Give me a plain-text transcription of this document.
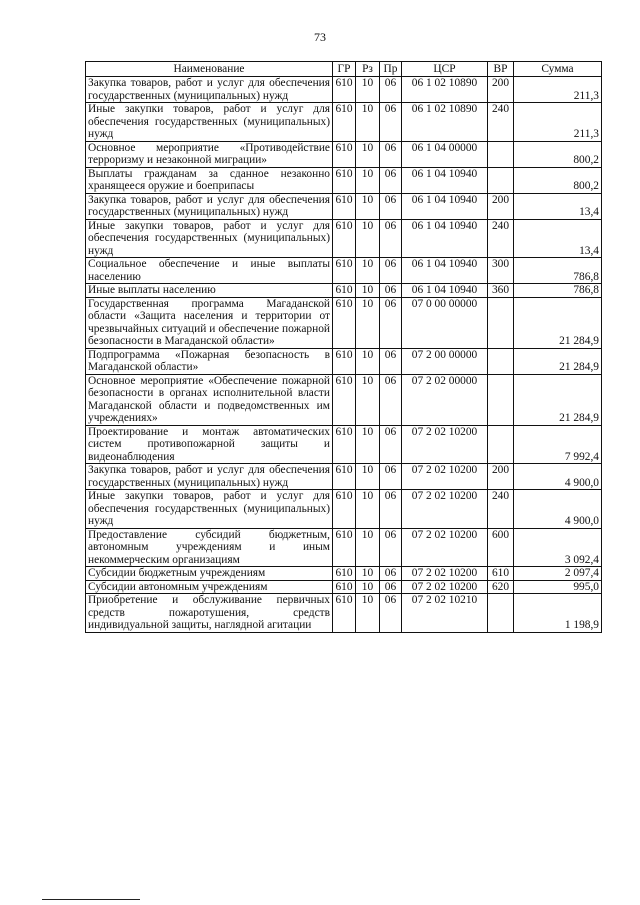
73
Наименование	ГР	Рз	Пр	ЦСР	ВР	Сумма
Закупка товаров, работ и услуг для обеспечения государственных (муниципальных) нужд	610	10	06	06 1 02 10890	200	211,3
Иные закупки товаров, работ и услуг для обеспечения государственных (муниципальных) нужд	610	10	06	06 1 02 10890	240	211,3
Основное мероприятие «Противодействие терроризму и незаконной миграции»	610	10	06	06 1 04 00000		800,2
Выплаты гражданам за сданное незаконно хранящееся оружие и боеприпасы	610	10	06	06 1 04 10940		800,2
Закупка товаров, работ и услуг для обеспечения государственных (муниципальных) нужд	610	10	06	06 1 04 10940	200	13,4
Иные закупки товаров, работ и услуг для обеспечения государственных (муниципальных) нужд	610	10	06	06 1 04 10940	240	13,4
Социальное обеспечение и иные выплаты населению	610	10	06	06 1 04 10940	300	786,8
Иные выплаты населению	610	10	06	06 1 04 10940	360	786,8
Государственная программа Магаданской области «Защита населения и территории от чрезвычайных ситуаций и обеспечение пожарной безопасности в Магаданской области»	610	10	06	07 0 00 00000		21 284,9
Подпрограмма «Пожарная безопасность в Магаданской области»	610	10	06	07 2 00 00000		21 284,9
Основное мероприятие «Обеспечение пожарной безопасности в органах исполнительной власти Магаданской области и подведомственных им учреждениях»	610	10	06	07 2 02 00000		21 284,9
Проектирование и монтаж автоматических систем противопожарной защиты и видеонаблюдения	610	10	06	07 2 02 10200		7 992,4
Закупка товаров, работ и услуг для обеспечения государственных (муниципальных) нужд	610	10	06	07 2 02 10200	200	4 900,0
Иные закупки товаров, работ и услуг для обеспечения государственных (муниципальных) нужд	610	10	06	07 2 02 10200	240	4 900,0
Предоставление субсидий бюджетным, автономным учреждениям и иным некоммерческим организациям	610	10	06	07 2 02 10200	600	3 092,4
Субсидии бюджетным учреждениям	610	10	06	07 2 02 10200	610	2 097,4
Субсидии автономным учреждениям	610	10	06	07 2 02 10200	620	995,0
Приобретение и обслуживание первичных средств пожаротушения, средств индивидуальной защиты, наглядной агитации	610	10	06	07 2 02 10210		1 198,9
